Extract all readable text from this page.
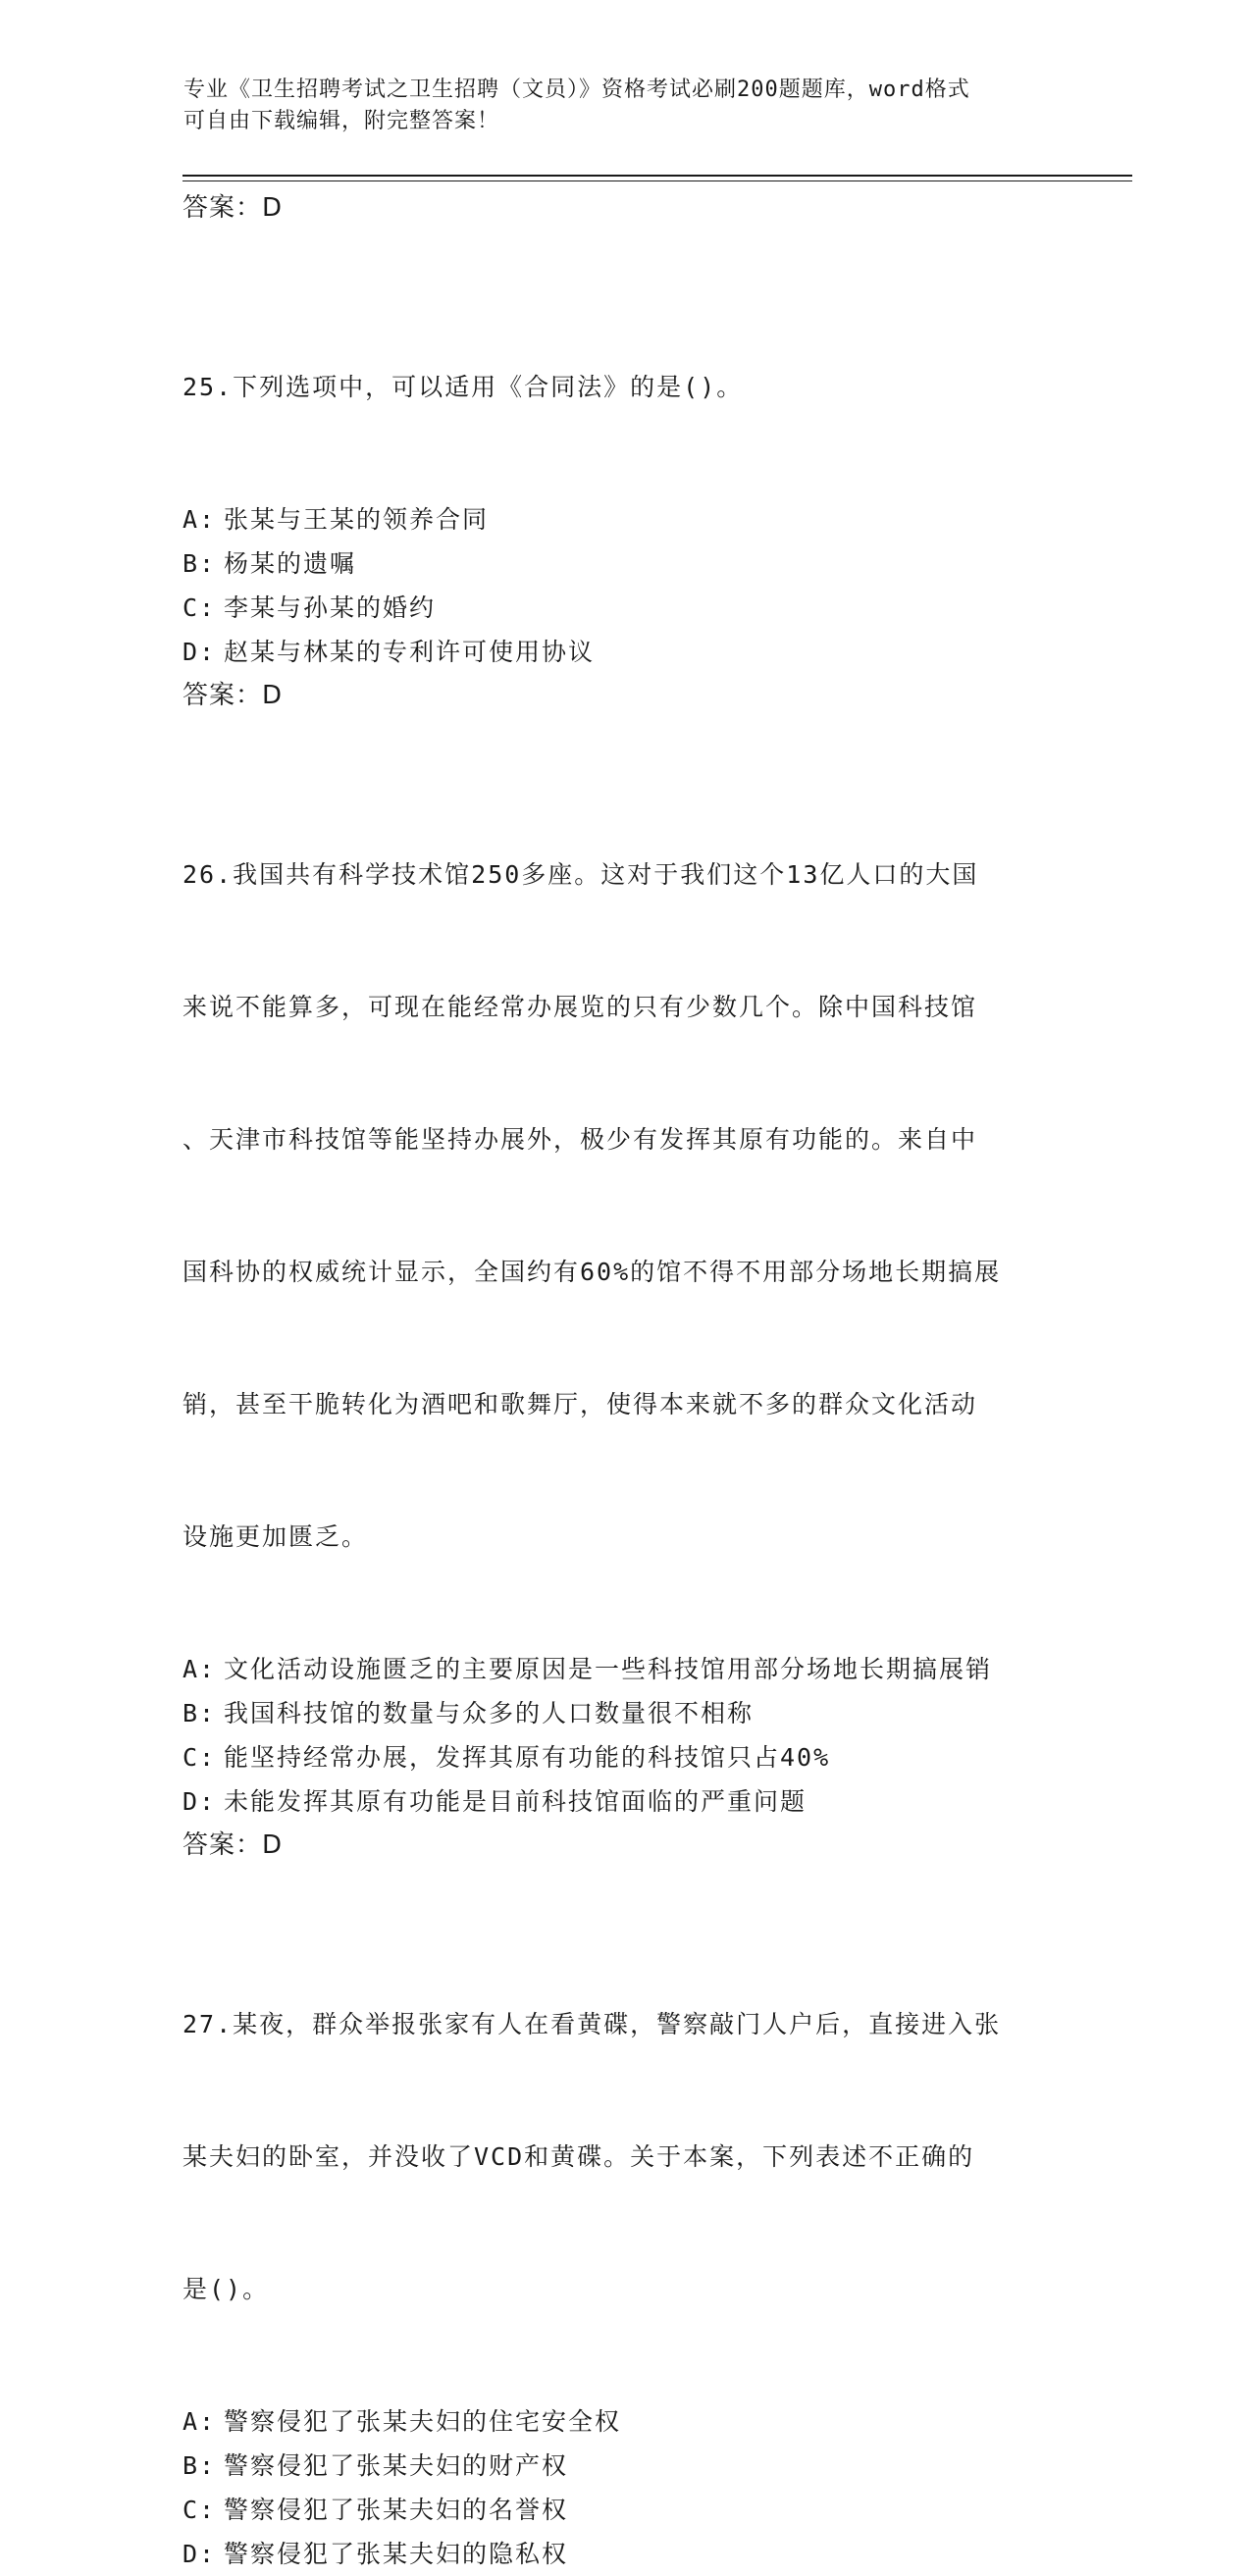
专业《卫生招聘考试之卫生招聘（文员）》资格考试必刷200题题库，word格式
可自由下载编辑，附完整答案！
答案：D

25.下列选项中，可以适用《合同法》的是()。

A: 张某与王某的领养合同
B: 杨某的遗嘱
C: 李某与孙某的婚约
D: 赵某与林某的专利许可使用协议
答案：D

26.我国共有科学技术馆250多座。这对于我们这个13亿人口的大国

来说不能算多，可现在能经常办展览的只有少数几个。除中国科技馆

、天津市科技馆等能坚持办展外，极少有发挥其原有功能的。来自中

国科协的权威统计显示，全国约有60%的馆不得不用部分场地长期搞展

销，甚至干脆转化为酒吧和歌舞厅，使得本来就不多的群众文化活动

设施更加匮乏。

A: 文化活动设施匮乏的主要原因是一些科技馆用部分场地长期搞展销
B: 我国科技馆的数量与众多的人口数量很不相称
C: 能坚持经常办展，发挥其原有功能的科技馆只占40%
D: 未能发挥其原有功能是目前科技馆面临的严重问题
答案：D

27.某夜，群众举报张家有人在看黄碟，警察敲门人户后，直接进入张

某夫妇的卧室，并没收了VCD和黄碟。关于本案，下列表述不正确的

是()。

A: 警察侵犯了张某夫妇的住宅安全权
B: 警察侵犯了张某夫妇的财产权
C: 警察侵犯了张某夫妇的名誉权
D: 警察侵犯了张某夫妇的隐私权
